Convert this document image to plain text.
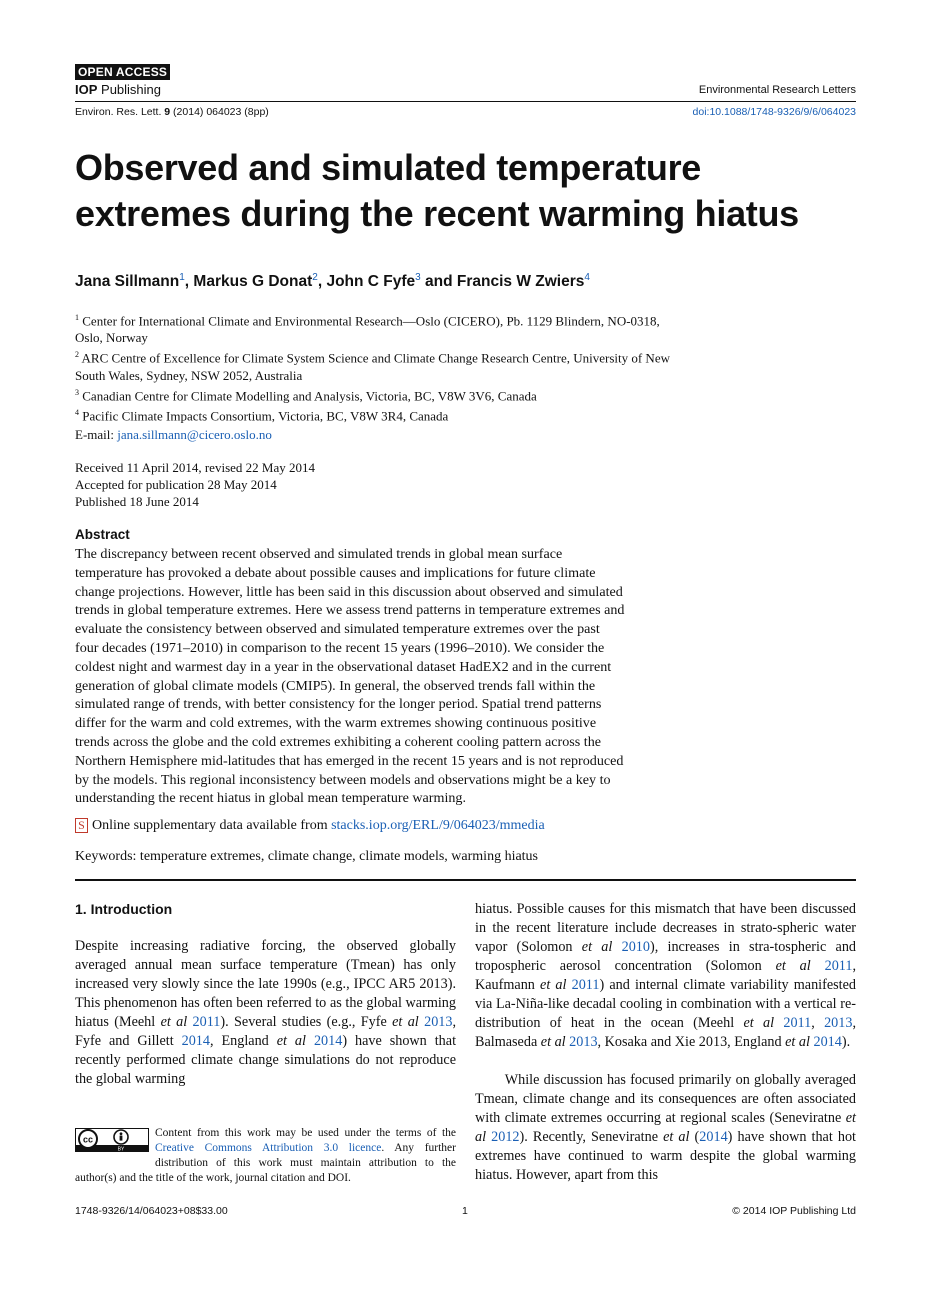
OPEN ACCESS
IOP Publishing	Environmental Research Letters
Environ. Res. Lett. 9 (2014) 064023 (8pp)	doi:10.1088/1748-9326/9/6/064023
Observed and simulated temperature
extremes during the recent warming hiatus
Jana Sillmann$^1$, Markus G Donat$^2$, John C Fyfe$^3$ and Francis W Zwiers$^4$
$^1$ Center for International Climate and Environmental Research—Oslo (CICERO), Pb. 1129 Blindern, NO-0318, Oslo, Norway
$^2$ ARC Centre of Excellence for Climate System Science and Climate Change Research Centre, University of New South Wales, Sydney, NSW 2052, Australia
$^3$ Canadian Centre for Climate Modelling and Analysis, Victoria, BC, V8W 3V6, Canada
$^4$ Pacific Climate Impacts Consortium, Victoria, BC, V8W 3R4, Canada
E-mail: jana.sillmann@cicero.oslo.no
Received 11 April 2014, revised 22 May 2014
Accepted for publication 28 May 2014
Published 18 June 2014
Abstract
The discrepancy between recent observed and simulated trends in global mean surface
temperature has provoked a debate about possible causes and implications for future climate
change projections. However, little has been said in this discussion about observed and simulated
trends in global temperature extremes. Here we assess trend patterns in temperature extremes and
evaluate the consistency between observed and simulated temperature extremes over the past
four decades (1971–2010) in comparison to the recent 15 years (1996–2010). We consider the
coldest night and warmest day in a year in the observational dataset HadEX2 and in the current
generation of global climate models (CMIP5). In general, the observed trends fall within the
simulated range of trends, with better consistency for the longer period. Spatial trend patterns
differ for the warm and cold extremes, with the warm extremes showing continuous positive
trends across the globe and the cold extremes exhibiting a coherent cooling pattern across the
Northern Hemisphere mid-latitudes that has emerged in the recent 15 years and is not reproduced
by the models. This regional inconsistency between models and observations might be a key to
understanding the recent hiatus in global mean temperature warming.
S Online supplementary data available from stacks.iop.org/ERL/9/064023/mmedia
Keywords: temperature extremes, climate change, climate models, warming hiatus
1. Introduction
Despite increasing radiative forcing, the observed globally averaged annual mean surface temperature (Tmean) has only increased very slowly since the late 1990s (e.g., IPCC AR5 2013). This phenomenon has often been referred to as the global warming hiatus (Meehl et al 2011). Several studies (e.g., Fyfe et al 2013, Fyfe and Gillett 2014, England et al 2014) have shown that recently performed climate change simulations do not reproduce the global warming
hiatus. Possible causes for this mismatch that have been discussed in the recent literature include decreases in strato-spheric water vapor (Solomon et al 2010), increases in stra-tospheric and tropospheric aerosol concentration (Solomon et al 2011, Kaufmann et al 2011) and internal climate variability manifested via La-Niña-like decadal cooling in combination with a vertical re-distribution of heat in the ocean (Meehl et al 2011, 2013, Balmaseda et al 2013, Kosaka and Xie 2013, England et al 2014).
While discussion has focused primarily on globally averaged Tmean, climate change and its consequences are often associated with climate extremes occurring at regional scales (Seneviratne et al 2012). Recently, Seneviratne et al (2014) have shown that hot extremes have continued to warm despite the global warming hiatus. However, apart from this
cc
BY
Content from this work may be used under the terms of the Creative Commons Attribution 3.0 licence. Any further distribution of this work must maintain attribution to the author(s) and the title of the work, journal citation and DOI.
1748-9326/14/064023+08$33.00	1	© 2014 IOP Publishing Ltd
